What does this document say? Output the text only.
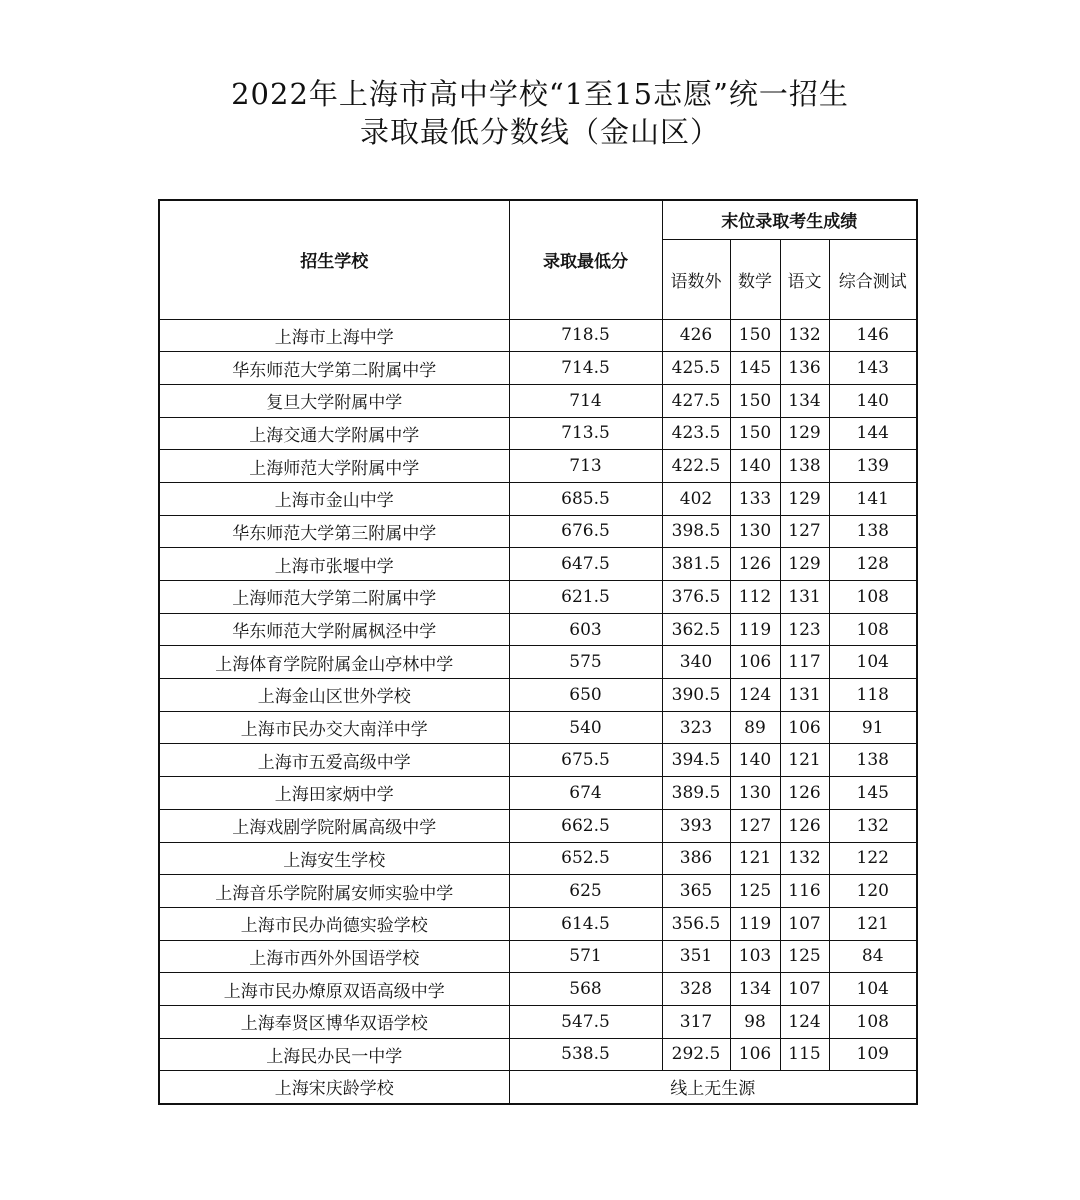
2022年上海市高中学校“1至15志愿”统一招生
录取最低分数线（金山区）
招生学校	录取最低分	末位录取考生成绩			
		语数外	数学	语文	综合测试
上海市上海中学	718.5	426	150	132	146
华东师范大学第二附属中学	714.5	425.5	145	136	143
复旦大学附属中学	714	427.5	150	134	140
上海交通大学附属中学	713.5	423.5	150	129	144
上海师范大学附属中学	713	422.5	140	138	139
上海市金山中学	685.5	402	133	129	141
华东师范大学第三附属中学	676.5	398.5	130	127	138
上海市张堰中学	647.5	381.5	126	129	128
上海师范大学第二附属中学	621.5	376.5	112	131	108
华东师范大学附属枫泾中学	603	362.5	119	123	108
上海体育学院附属金山亭林中学	575	340	106	117	104
上海金山区世外学校	650	390.5	124	131	118
上海市民办交大南洋中学	540	323	89	106	91
上海市五爱高级中学	675.5	394.5	140	121	138
上海田家炳中学	674	389.5	130	126	145
上海戏剧学院附属高级中学	662.5	393	127	126	132
上海安生学校	652.5	386	121	132	122
上海音乐学院附属安师实验中学	625	365	125	116	120
上海市民办尚德实验学校	614.5	356.5	119	107	121
上海市西外外国语学校	571	351	103	125	84
上海市民办燎原双语高级中学	568	328	134	107	104
上海奉贤区博华双语学校	547.5	317	98	124	108
上海民办民一中学	538.5	292.5	106	115	109
上海宋庆龄学校	线上无生源				
